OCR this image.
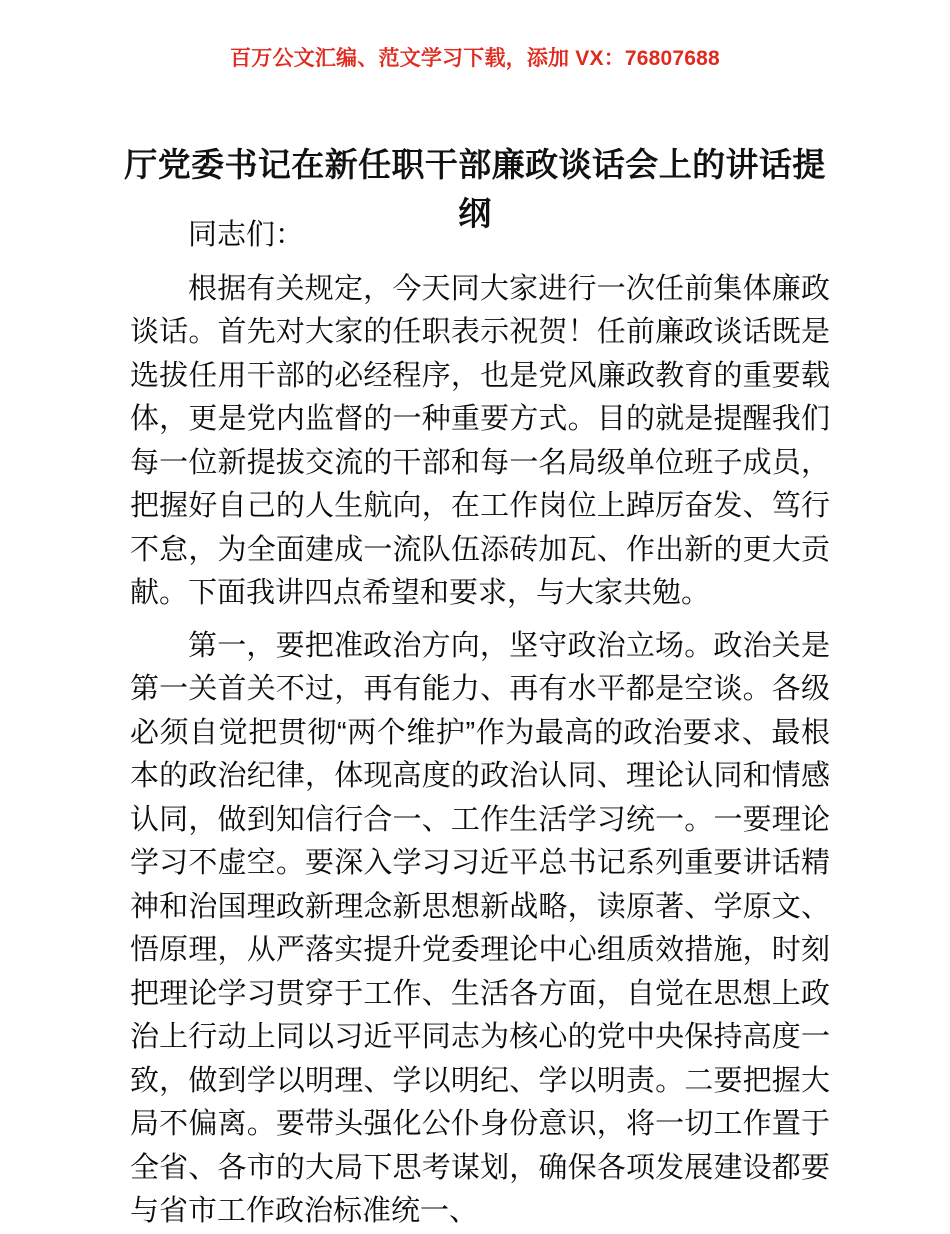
百万公文汇编、范文学习下载，添加 VX：76807688
厅党委书记在新任职干部廉政谈话会上的讲话提纲

同志们：

根据有关规定，今天同大家进行一次任前集体廉政谈话。首先对大家的任职表示祝贺！任前廉政谈话既是选拔任用干部的必经程序，也是党风廉政教育的重要载体，更是党内监督的一种重要方式。目的就是提醒我们每一位新提拔交流的干部和每一名局级单位班子成员，把握好自己的人生航向，在工作岗位上踔厉奋发、笃行不怠，为全面建成一流队伍添砖加瓦、作出新的更大贡献。下面我讲四点希望和要求，与大家共勉。

第一，要把准政治方向，坚守政治立场。政治关是第一关首关不过，再有能力、再有水平都是空谈。各级必须自觉把贯彻“两个维护”作为最高的政治要求、最根本的政治纪律，体现高度的政治认同、理论认同和情感认同，做到知信行合一、工作生活学习统一。一要理论学习不虚空。要深入学习习近平总书记系列重要讲话精神和治国理政新理念新思想新战略，读原著、学原文、悟原理，从严落实提升党委理论中心组质效措施，时刻把理论学习贯穿于工作、生活各方面，自觉在思想上政治上行动上同以习近平同志为核心的党中央保持高度一致，做到学以明理、学以明纪、学以明责。二要把握大局不偏离。要带头强化公仆身份意识，将一切工作置于全省、各市的大局下思考谋划，确保各项发展建设都要与省市工作政治标准统一、
